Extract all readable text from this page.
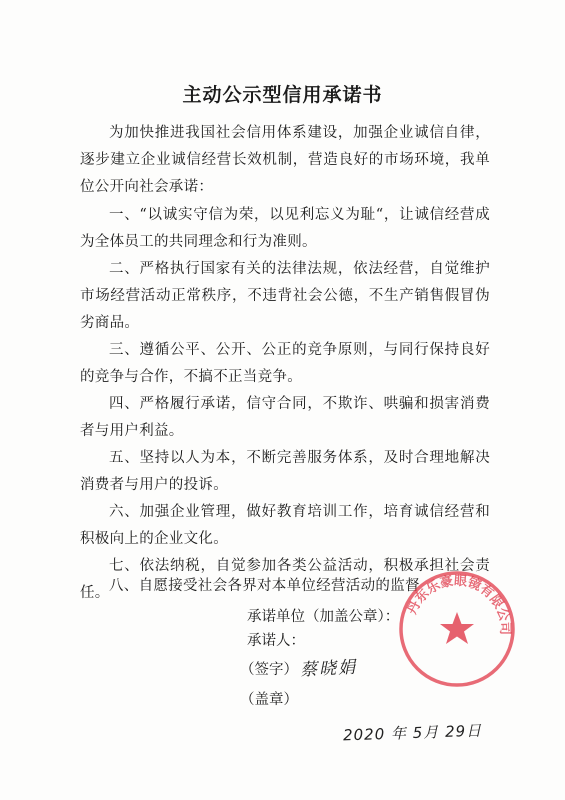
主动公示型信用承诺书
为加快推进我国社会信用体系建设，加强企业诚信自律，逐步建立企业诚信经营长效机制，营造良好的市场环境，我单位公开向社会承诺：
一、“以诚实守信为荣，以见利忘义为耻“，让诚信经营成为全体员工的共同理念和行为准则。
二、严格执行国家有关的法律法规，依法经营，自觉维护市场经营活动正常秩序，不违背社会公德，不生产销售假冒伪劣商品。
三、遵循公平、公开、公正的竞争原则，与同行保持良好的竞争与合作，不搞不正当竞争。
四、严格履行承诺，信守合同，不欺诈、哄骗和损害消费者与用户利益。
五、坚持以人为本，不断完善服务体系，及时合理地解决消费者与用户的投诉。
六、加强企业管理，做好教育培训工作，培育诚信经营和积极向上的企业文化。
七、依法纳税，自觉参加各类公益活动，积极承担社会责任。 八、自愿接受社会各界对本单位经营活动的监督
承诺单位（加盖公章）：
承诺人：
（签字）
（盖章）
蔡晓娟
2020 年 5月 29日
丹东乐豪眼镜有限公司
